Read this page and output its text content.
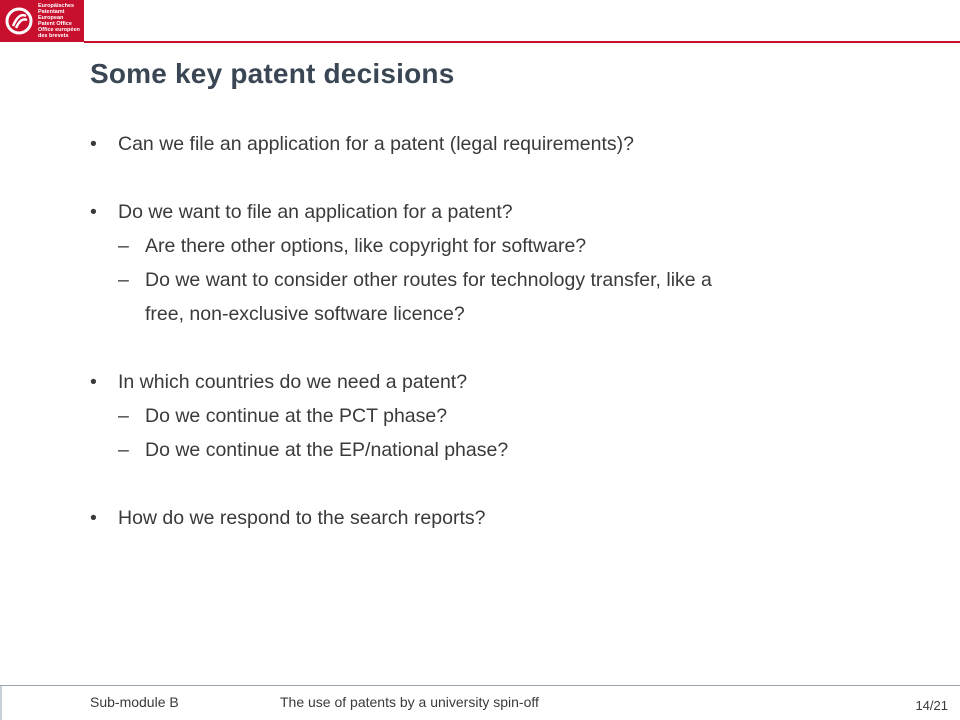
Europäisches
Patentamt
European
Patent Office
Office européen
des brevets
Some key patent decisions
• Can we file an application for a patent (legal requirements)?
• Do we want to file an application for a patent?
– Are there other options, like copyright for software?
– Do we want to consider other routes for technology transfer, like a
free, non-exclusive software licence?
• In which countries do we need a patent?
– Do we continue at the PCT phase?
– Do we continue at the EP/national phase?
• How do we respond to the search reports?
Sub-module B	The use of patents by a university spin-off	14/21
